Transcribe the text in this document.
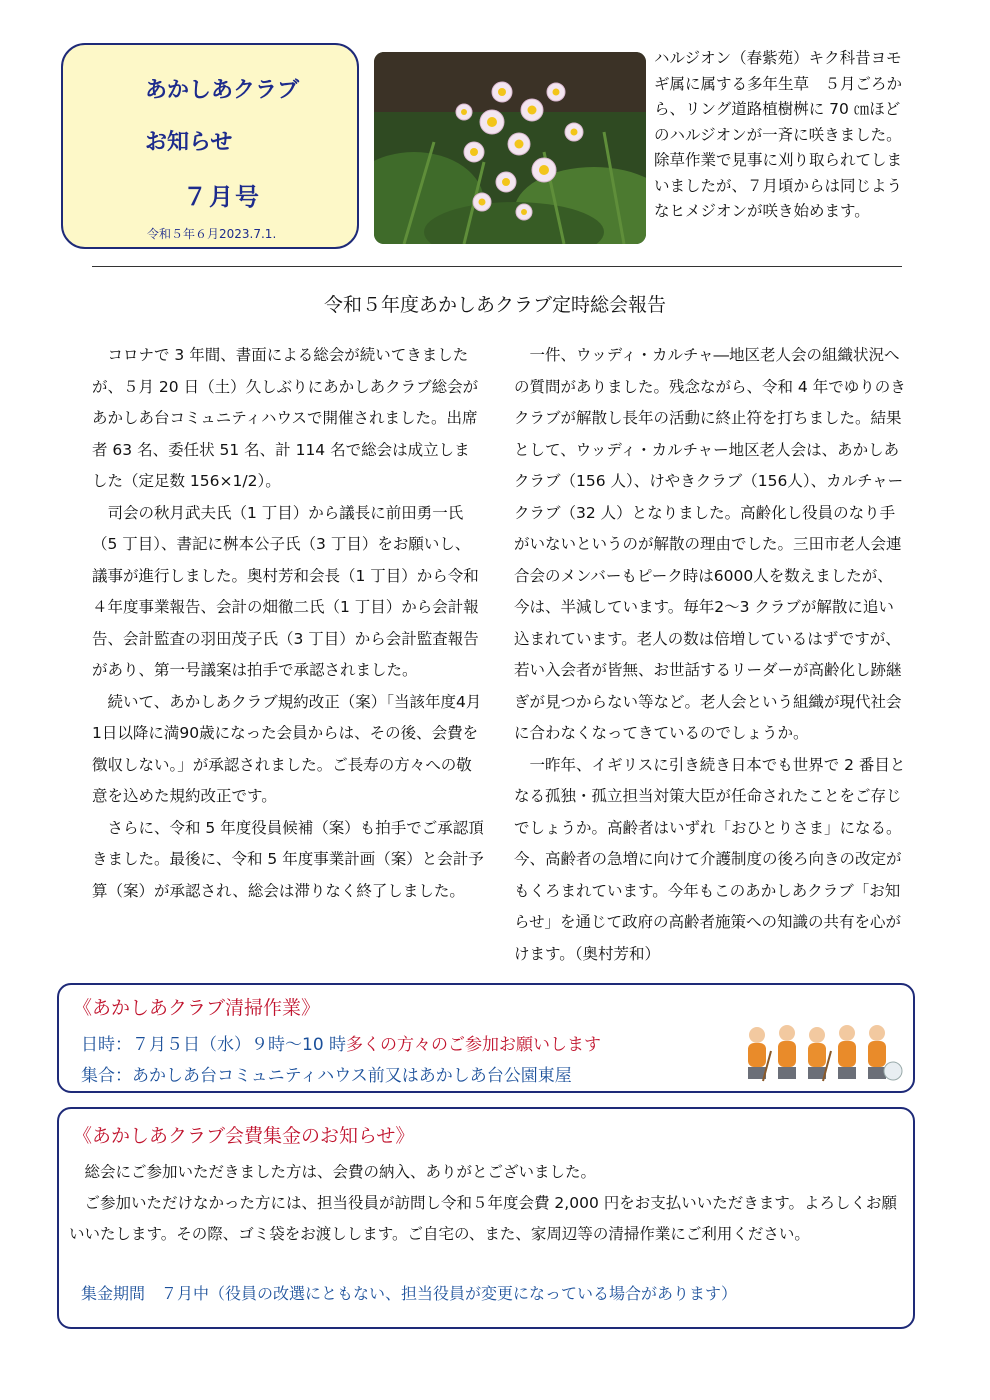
あかしあクラブ
お知らせ
７月号
令和５年６月2023.7.1.
ハルジオン（春紫苑）キク科昔ヨモギ属に属する多年生草　５月ごろから、リング道路植樹桝に 70 ㎝ほどのハルジオンが一斉に咲きました。除草作業で見事に刈り取られてしまいましたが、７月頃からは同じようなヒメジオンが咲き始めます。
令和５年度あかしあクラブ定時総会報告

コロナで 3 年間、書面による総会が続いてきましたが、５月 20 日（土）久しぶりにあかしあクラブ総会があかしあ台コミュニティハウスで開催されました。出席者 63 名、委任状 51 名、計 114 名で総会は成立しました（定足数 156×1/2）。

司会の秋月武夫氏（1 丁目）から議長に前田勇一氏（5 丁目）、書記に桝本公子氏（3 丁目）をお願いし、議事が進行しました。奥村芳和会長（1 丁目）から令和４年度事業報告、会計の畑徹二氏（1 丁目）から会計報告、会計監査の羽田茂子氏（3 丁目）から会計監査報告があり、第一号議案は拍手で承認されました。

続いて、あかしあクラブ規約改正（案）「当該年度4月1日以降に満90歳になった会員からは、その後、会費を徴収しない。」が承認されました。ご長寿の方々への敬意を込めた規約改正です。

さらに、令和 5 年度役員候補（案）も拍手でご承認頂きました。最後に、令和 5 年度事業計画（案）と会計予算（案）が承認され、総会は滞りなく終了しました。

一件、ウッディ・カルチャ―地区老人会の組織状況への質問がありました。残念ながら、令和 4 年でゆりのきクラブが解散し長年の活動に終止符を打ちました。結果として、ウッディ・カルチャー地区老人会は、あかしあクラブ（156 人）、けやきクラブ（156人）、カルチャークラブ（32 人）となりました。高齢化し役員のなり手がいないというのが解散の理由でした。三田市老人会連合会のメンバーもピーク時は6000人を数えましたが、今は、半減しています。毎年2～3 クラブが解散に追い込まれています。老人の数は倍増しているはずですが、若い入会者が皆無、お世話するリーダーが高齢化し跡継ぎが見つからない等など。老人会という組織が現代社会に合わなくなってきているのでしょうか。

一昨年、イギリスに引き続き日本でも世界で 2 番目となる孤独・孤立担当対策大臣が任命されたことをご存じでしょうか。高齢者はいずれ「おひとりさま」になる。今、高齢者の急増に向けて介護制度の後ろ向きの改定がもくろまれています。今年もこのあかしあクラブ「お知らせ」を通じて政府の高齢者施策への知識の共有を心がけます。（奥村芳和）

《あかしあクラブ清掃作業》
日時：７月５日（水）９時～10 時多くの方々のご参加お願いします
集合：あかしあ台コミュニティハウス前又はあかしあ台公園東屋
《あかしあクラブ会費集金のお知らせ》

総会にご参加いただきました方は、会費の納入、ありがとございました。

ご参加いただけなかった方には、担当役員が訪問し令和５年度会費 2,000 円をお支払いいただきます。よろしくお願いいたします。その際、ゴミ袋をお渡しします。ご自宅の、また、家周辺等の清掃作業にご利用ください。

集金期間　７月中（役員の改選にともない、担当役員が変更になっている場合があります）
